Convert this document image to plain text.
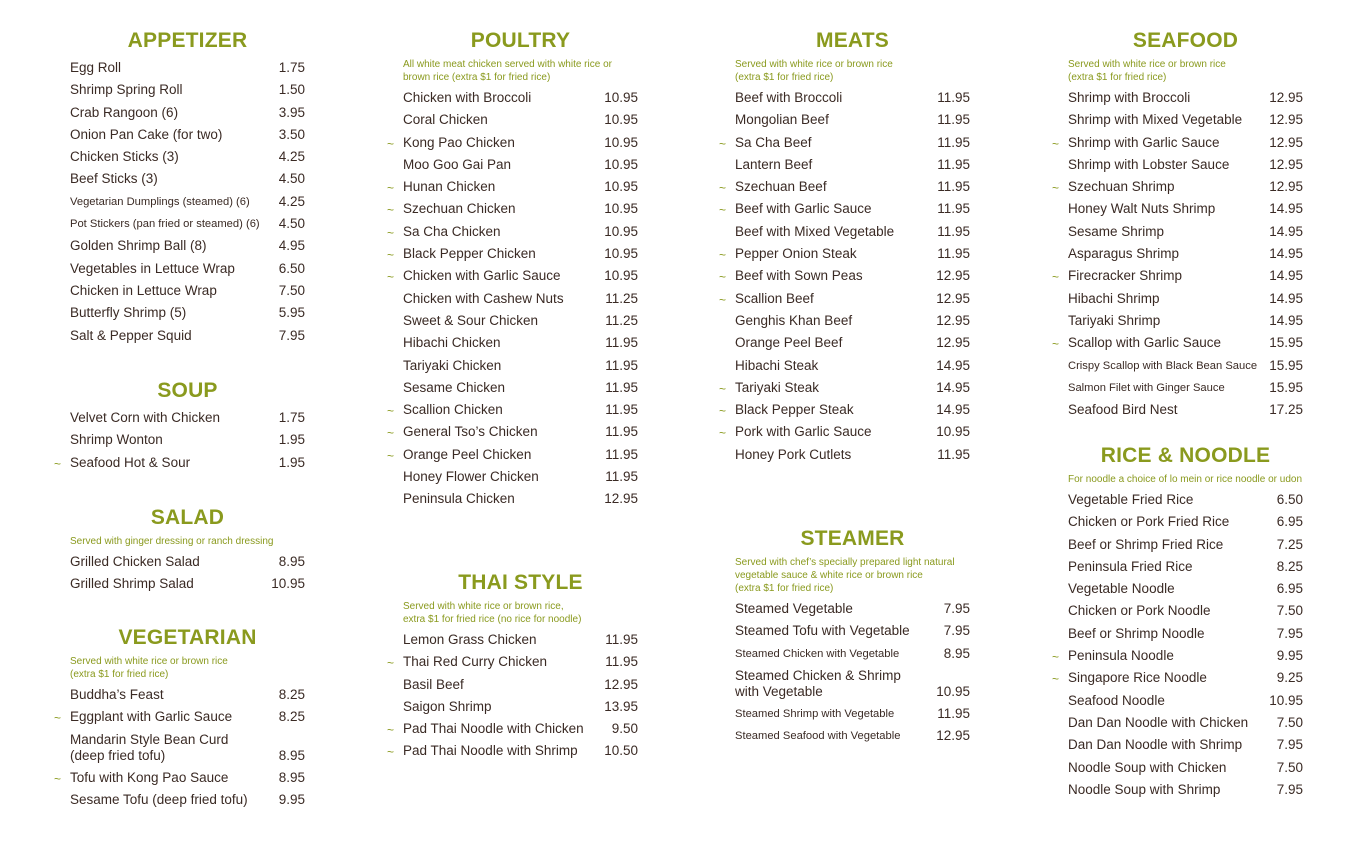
APPETIZER
Egg Roll	1.75
Shrimp Spring Roll	1.50
Crab Rangoon (6)	3.95
Onion Pan Cake (for two)	3.50
Chicken Sticks (3)	4.25
Beef Sticks (3)	4.50
Vegetarian Dumplings (steamed) (6) 4.25
Pot Stickers (pan fried or steamed) (6) 4.50
Golden Shrimp Ball (8)	4.95
Vegetables in Lettuce Wrap	6.50
Chicken in Lettuce Wrap	7.50
Butterfly Shrimp (5)	5.95
Salt & Pepper Squid	7.95
SOUP
Velvet Corn with Chicken	1.75
Shrimp Wonton	1.95
~ Seafood Hot & Sour	1.95
SALAD
Served with ginger dressing or ranch dressing
Grilled Chicken Salad	8.95
Grilled Shrimp Salad	10.95
VEGETARIAN
Served with white rice or brown rice
(extra $1 for fried rice)
Buddha’s Feast	8.25
~ Eggplant with Garlic Sauce	8.25
Mandarin Style Bean Curd
(deep fried tofu)	8.95
~ Tofu with Kong Pao Sauce	8.95
Sesame Tofu (deep fried tofu) 9.95
POULTRY
All white meat chicken served with white rice or
brown rice (extra $1 for fried rice)
Chicken with Broccoli	10.95
Coral Chicken	10.95
~ Kong Pao Chicken	10.95
Moo Goo Gai Pan	10.95
~ Hunan Chicken	10.95
~ Szechuan Chicken	10.95
~ Sa Cha Chicken	10.95
~ Black Pepper Chicken	10.95
~ Chicken with Garlic Sauce	10.95
Chicken with Cashew Nuts	11.25
Sweet & Sour Chicken	11.25
Hibachi Chicken	11.95
Tariyaki Chicken	11.95
Sesame Chicken	11.95
~ Scallion Chicken	11.95
~ General Tso’s Chicken	11.95
~ Orange Peel Chicken	11.95
Honey Flower Chicken	11.95
Peninsula Chicken	12.95
THAI STYLE
Served with white rice or brown rice,
extra $1 for fried rice (no rice for noodle)
Lemon Grass Chicken	11.95
~ Thai Red Curry Chicken	11.95
Basil Beef	12.95
Saigon Shrimp	13.95
~ Pad Thai Noodle with Chicken 9.50
~ Pad Thai Noodle with Shrimp 10.50
MEATS
Served with white rice or brown rice
(extra $1 for fried rice)
Beef with Broccoli	11.95
Mongolian Beef	11.95
~ Sa Cha Beef	11.95
Lantern Beef	11.95
~ Szechuan Beef	11.95
~ Beef with Garlic Sauce	11.95
Beef with Mixed Vegetable	11.95
~ Pepper Onion Steak	11.95
~ Beef with Sown Peas	12.95
~ Scallion Beef	12.95
Genghis Khan Beef	12.95
Orange Peel Beef	12.95
Hibachi Steak	14.95
~ Tariyaki Steak	14.95
~ Black Pepper Steak	14.95
~ Pork with Garlic Sauce	10.95
Honey Pork Cutlets	11.95
STEAMER
Served with chef’s specially prepared light natural
vegetable sauce & white rice or brown rice
(extra $1 for fried rice)
Steamed Vegetable	7.95
Steamed Tofu with Vegetable	7.95
Steamed Chicken with Vegetable	8.95
Steamed Chicken & Shrimp
with Vegetable	10.95
Steamed Shrimp with Vegetable	11.95
Steamed Seafood with Vegetable	12.95
SEAFOOD
Served with white rice or brown rice
(extra $1 for fried rice)
Shrimp with Broccoli	12.95
Shrimp with Mixed Vegetable 12.95
~ Shrimp with Garlic Sauce	12.95
Shrimp with Lobster Sauce	12.95
~ Szechuan Shrimp	12.95
Honey Walt Nuts Shrimp	14.95
Sesame Shrimp	14.95
Asparagus Shrimp	14.95
~ Firecracker Shrimp	14.95
Hibachi Shrimp	14.95
Tariyaki Shrimp	14.95
~ Scallop with Garlic Sauce	15.95
Crispy Scallop with Black Bean Sauce 15.95
Salmon Filet with Ginger Sauce	15.95
Seafood Bird Nest	17.25
RICE & NOODLE
For noodle a choice of lo mein or rice noodle or udon
Vegetable Fried Rice	6.50
Chicken or Pork Fried Rice	6.95
Beef or Shrimp Fried Rice	7.25
Peninsula Fried Rice	8.25
Vegetable Noodle	6.95
Chicken or Pork Noodle	7.50
Beef or Shrimp Noodle	7.95
~ Peninsula Noodle	9.95
~ Singapore Rice Noodle	9.25
Seafood Noodle	10.95
Dan Dan Noodle with Chicken 7.50
Dan Dan Noodle with Shrimp	7.95
Noodle Soup with Chicken	7.50
Noodle Soup with Shrimp	7.95
